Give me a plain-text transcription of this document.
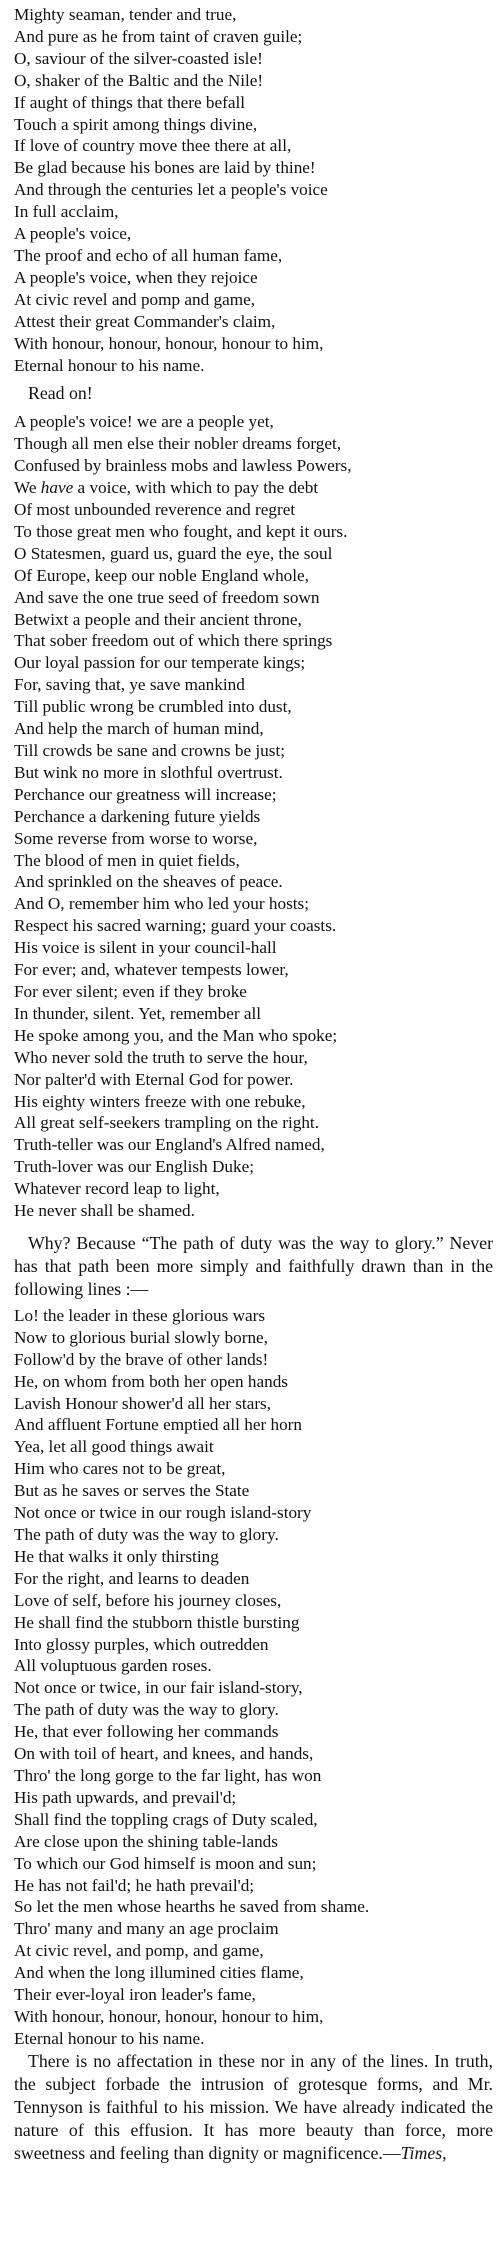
Mighty seaman, tender and true,
And pure as he from taint of craven guile;
O, saviour of the silver-coasted isle!
O, shaker of the Baltic and the Nile!
If aught of things that there befall
Touch a spirit among things divine,
If love of country move thee there at all,
Be glad because his bones are laid by thine!
And through the centuries let a people's voice
In full acclaim,
A people's voice,
The proof and echo of all human fame,
A people's voice, when they rejoice
At civic revel and pomp and game,
Attest their great Commander's claim,
With honour, honour, honour, honour to him,
Eternal honour to his name.
Read on!
A people's voice! we are a people yet,
Though all men else their nobler dreams forget,
Confused by brainless mobs and lawless Powers,
We have a voice, with which to pay the debt
Of most unbounded reverence and regret
To those great men who fought, and kept it ours.
O Statesmen, guard us, guard the eye, the soul
Of Europe, keep our noble England whole,
And save the one true seed of freedom sown
Betwixt a people and their ancient throne,
That sober freedom out of which there springs
Our loyal passion for our temperate kings;
For, saving that, ye save mankind
Till public wrong be crumbled into dust,
And help the march of human mind,
Till crowds be sane and crowns be just;
But wink no more in slothful overtrust.
Perchance our greatness will increase;
Perchance a darkening future yields
Some reverse from worse to worse,
The blood of men in quiet fields,
And sprinkled on the sheaves of peace.
And O, remember him who led your hosts;
Respect his sacred warning; guard your coasts.
His voice is silent in your council-hall
For ever; and, whatever tempests lower,
For ever silent; even if they broke
In thunder, silent. Yet, remember all
He spoke among you, and the Man who spoke;
Who never sold the truth to serve the hour,
Nor palter'd with Eternal God for power.
His eighty winters freeze with one rebuke,
All great self-seekers trampling on the right.
Truth-teller was our England's Alfred named,
Truth-lover was our English Duke;
Whatever record leap to light,
He never shall be shamed.

Why? Because “The path of duty was the way to glory.” Never has that path been more simply and faithfully drawn than in the following lines :—

Lo! the leader in these glorious wars
Now to glorious burial slowly borne,
Follow'd by the brave of other lands!
He, on whom from both her open hands
Lavish Honour shower'd all her stars,
And affluent Fortune emptied all her horn
Yea, let all good things await
Him who cares not to be great,
But as he saves or serves the State
Not once or twice in our rough island-story
The path of duty was the way to glory.
He that walks it only thirsting
For the right, and learns to deaden
Love of self, before his journey closes,
He shall find the stubborn thistle bursting
Into glossy purples, which outredden
All voluptuous garden roses.
Not once or twice, in our fair island-story,
The path of duty was the way to glory.
He, that ever following her commands
On with toil of heart, and knees, and hands,
Thro' the long gorge to the far light, has won
His path upwards, and prevail'd;
Shall find the toppling crags of Duty scaled,
Are close upon the shining table-lands
To which our God himself is moon and sun;
He has not fail'd; he hath prevail'd;
So let the men whose hearths he saved from shame.
Thro' many and many an age proclaim
At civic revel, and pomp, and game,
And when the long illumined cities flame,
Their ever-loyal iron leader's fame,
With honour, honour, honour, honour to him,
Eternal honour to his name.

There is no affectation in these nor in any of the lines. In truth, the subject forbade the intrusion of grotesque forms, and Mr. Tennyson is faithful to his mission. We have already indicated the nature of this effusion. It has more beauty than force, more sweetness and feeling than dignity or magnificence.—Times,
